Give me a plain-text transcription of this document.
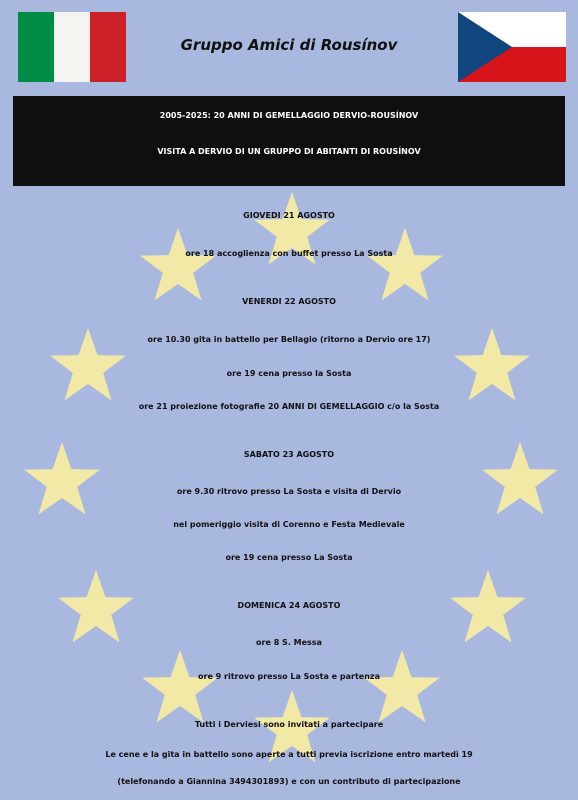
Gruppo Amici di Rousínov
2005-2025: 20 ANNI DI GEMELLAGGIO DERVIO-ROUSÍNOV
VISITA A DERVIO DI UN GRUPPO DI ABITANTI DI ROUSÍNOV
GIOVEDI 21 AGOSTO
ore 18 accoglienza con buffet presso La Sosta
VENERDI 22 AGOSTO
ore 10.30 gita in battello per Bellagio (ritorno a Dervio ore 17)
ore 19 cena presso la Sosta
ore 21 proiezione fotografie 20 ANNI DI GEMELLAGGIO c/o la Sosta
SABATO 23 AGOSTO
ore 9.30 ritrovo presso La Sosta e visita di Dervio
nel pomeriggio visita di Corenno e Festa Medievale
ore 19 cena presso La Sosta
DOMENICA 24 AGOSTO
ore 8 S. Messa
ore 9 ritrovo presso La Sosta e partenza
Tutti i Derviesi sono invitati a partecipare
Le cene e la gita in battello sono aperte a tutti previa iscrizione entro martedì 19
(telefonando a Giannina 3494301893) e con un contributo di partecipazione
